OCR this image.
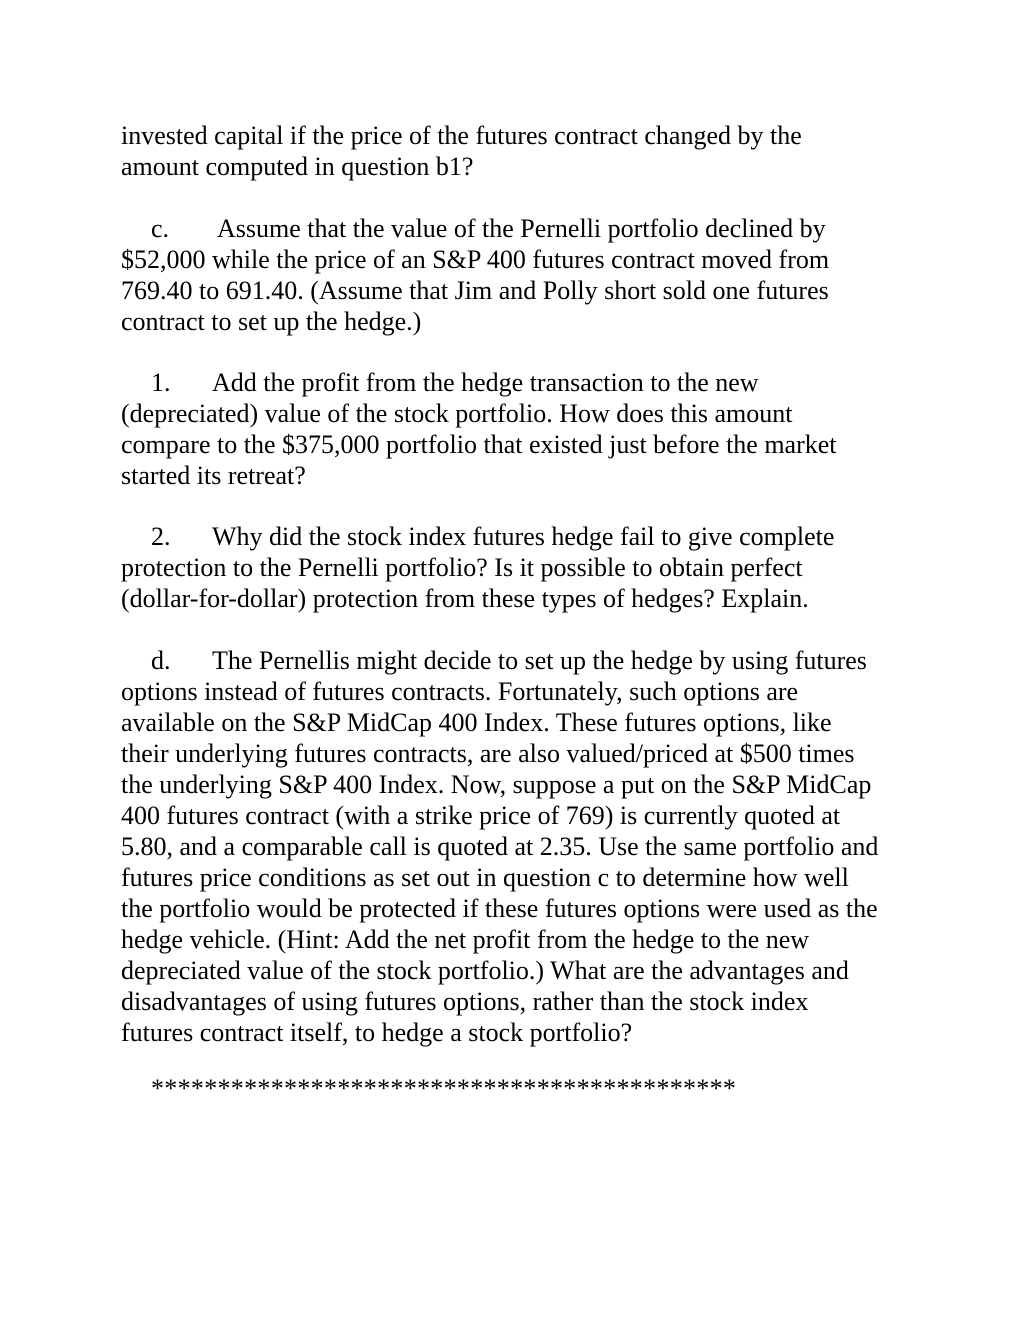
invested capital if the price of the futures contract changed by the
amount computed in question b1?
c. Assume that the value of the Pernelli portfolio declined by
$52,000 while the price of an S&P 400 futures contract moved from
769.40 to 691.40. (Assume that Jim and Polly short sold one futures
contract to set up the hedge.)
1. Add the profit from the hedge transaction to the new
(depreciated) value of the stock portfolio. How does this amount
compare to the $375,000 portfolio that existed just before the market
started its retreat?
2. Why did the stock index futures hedge fail to give complete
protection to the Pernelli portfolio? Is it possible to obtain perfect
(dollar-for-dollar) protection from these types of hedges? Explain.
d. The Pernellis might decide to set up the hedge by using futures
options instead of futures contracts. Fortunately, such options are
available on the S&P MidCap 400 Index. These futures options, like
their underlying futures contracts, are also valued/priced at $500 times
the underlying S&P 400 Index. Now, suppose a put on the S&P MidCap
400 futures contract (with a strike price of 769) is currently quoted at
5.80, and a comparable call is quoted at 2.35. Use the same portfolio and
futures price conditions as set out in question c to determine how well
the portfolio would be protected if these futures options were used as the
hedge vehicle. (Hint: Add the net profit from the hedge to the new
depreciated value of the stock portfolio.) What are the advantages and
disadvantages of using futures options, rather than the stock index
futures contract itself, to hedge a stock portfolio?
********************************************
